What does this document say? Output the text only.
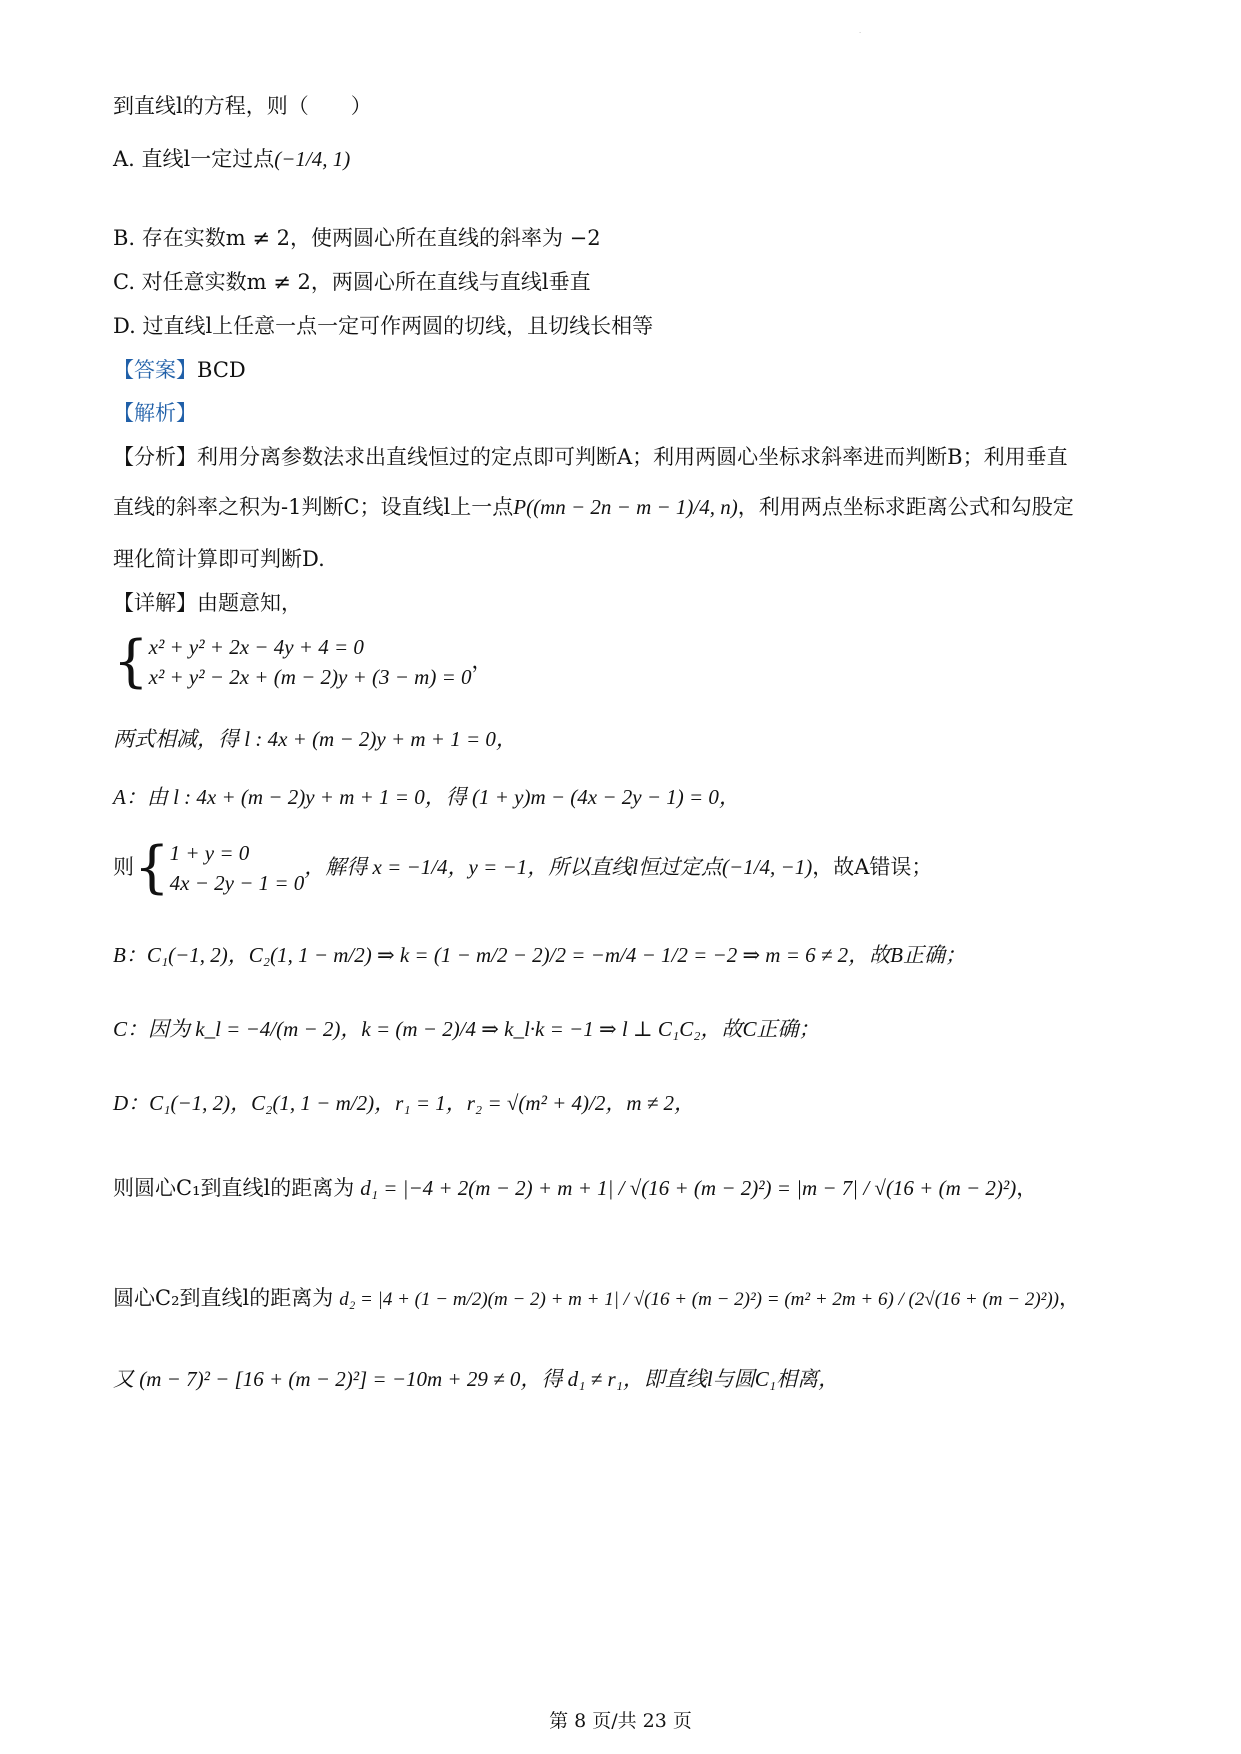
·
到直线l的方程，则（　　）
A. 直线l一定过点(−1/4, 1)
B. 存在实数m ≠ 2，使两圆心所在直线的斜率为 −2
C. 对任意实数m ≠ 2，两圆心所在直线与直线l垂直
D. 过直线l上任意一点一定可作两圆的切线，且切线长相等
【答案】BCD
【解析】
【分析】利用分离参数法求出直线恒过的定点即可判断A；利用两圆心坐标求斜率进而判断B；利用垂直
直线的斜率之积为-1判断C；设直线l上一点P((mn − 2n − m − 1)/4, n)，利用两点坐标求距离公式和勾股定
理化简计算即可判断D.
【详解】由题意知，
{ x² + y² + 2x − 4y + 4 = 0
x² + y² − 2x + (m − 2)y + (3 − m) = 0
，
两式相减，得 l : 4x + (m − 2)y + m + 1 = 0，
A：由 l : 4x + (m − 2)y + m + 1 = 0，得 (1 + y)m − (4x − 2y − 1) = 0，
则{ 1 + y = 0
4x − 2y − 1 = 0
，解得 x = −1/4，y = −1，所以直线l恒过定点(−1/4, −1)，故A错误；
B：C₁(−1, 2)，C₂(1, 1 − m/2) ⇒ k = (1 − m/2 − 2)/2 = −m/4 − 1/2 = −2 ⇒ m = 6 ≠ 2，故B正确；
C：因为 k_l = −4/(m − 2)，k = (m − 2)/4 ⇒ k_l·k = −1 ⇒ l ⊥ C₁C₂，故C正确；
D：C₁(−1, 2)，C₂(1, 1 − m/2)，r₁ = 1，r₂ = √(m² + 4)/2，m ≠ 2，
则圆心C₁到直线l的距离为 d₁ = |−4 + 2(m − 2) + m + 1| / √(16 + (m − 2)²) = |m − 7| / √(16 + (m − 2)²)，
圆心C₂到直线l的距离为 d₂ = |4 + (1 − m/2)(m − 2) + m + 1| / √(16 + (m − 2)²) = (m² + 2m + 6) / (2√(16 + (m − 2)²))，
又 (m − 7)² − [16 + (m − 2)²] = −10m + 29 ≠ 0，得 d₁ ≠ r₁，即直线l与圆C₁相离，
第 8 页/共 23 页
